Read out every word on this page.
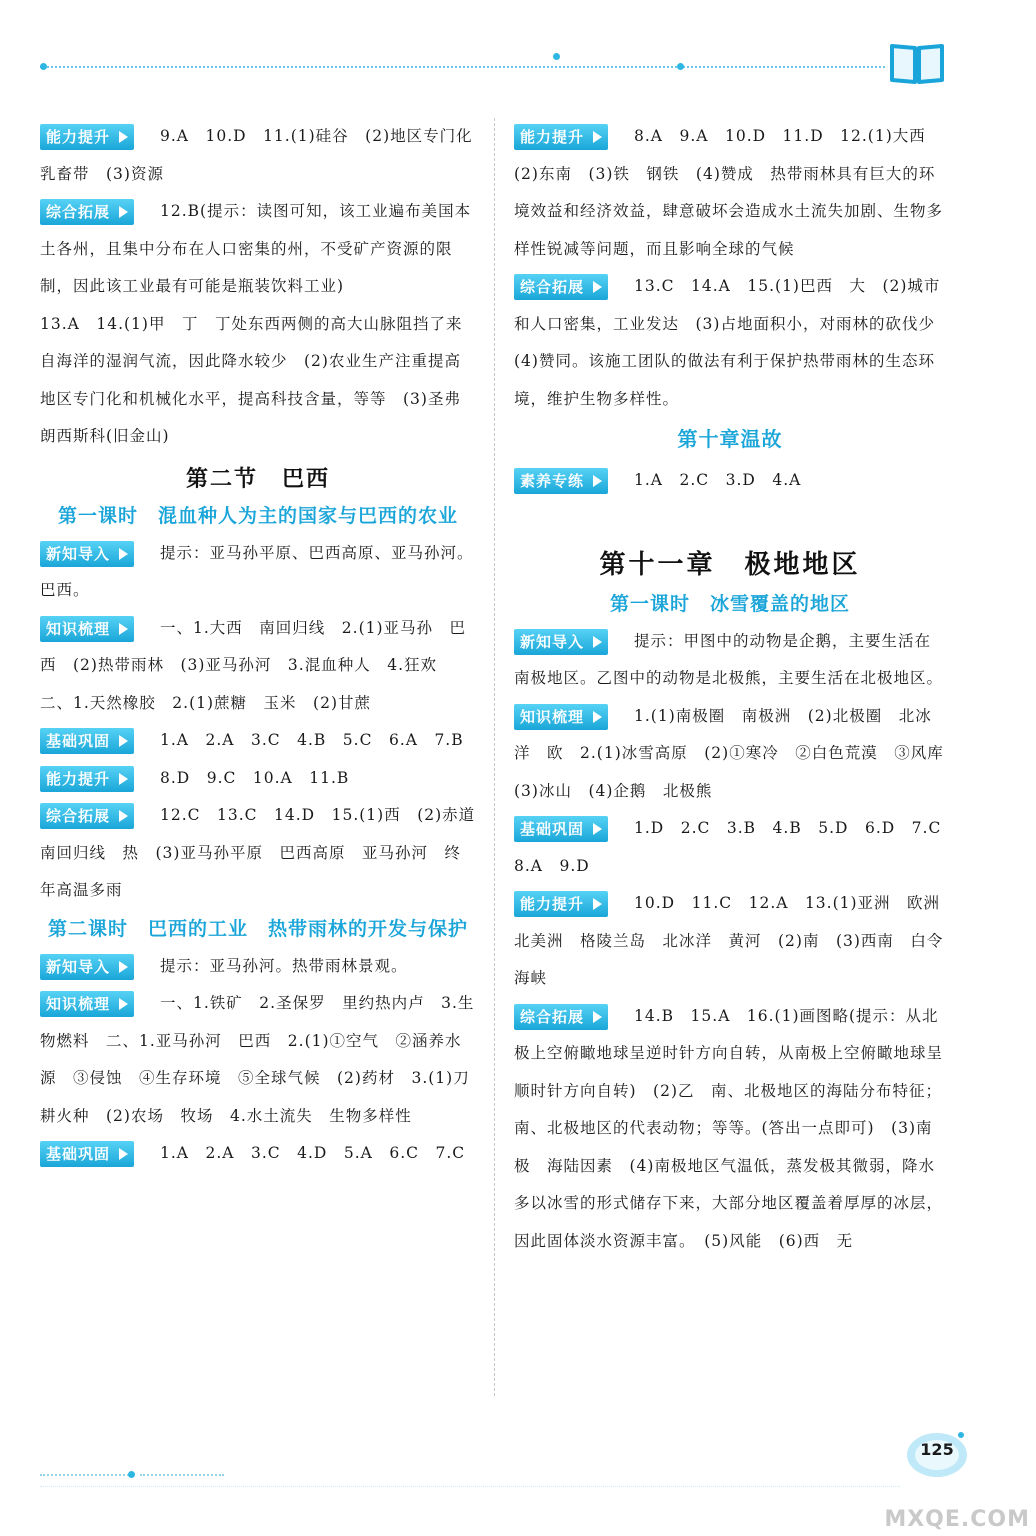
能力提升	9.A　10.D　11.(1)硅谷　(2)地区专门化　乳畜带　(3)资源

综合拓展	12.B(提示：读图可知，该工业遍布美国本土各州，且集中分布在人口密集的州，不受矿产资源的限制，因此该工业最有可能是瓶装饮料工业)

13.A　14.(1)甲　丁　丁处东西两侧的高大山脉阻挡了来自海洋的湿润气流，因此降水较少　(2)农业生产注重提高地区专门化和机械化水平，提高科技含量，等等　(3)圣弗朗西斯科(旧金山)

第二节　巴西

第一课时　混血种人为主的国家与巴西的农业

新知导入	提示：亚马孙平原、巴西高原、亚马孙河。巴西。

知识梳理	一、1.大西　南回归线　2.(1)亚马孙　巴西　(2)热带雨林　(3)亚马孙河　3.混血种人　4.狂欢　二、1.天然橡胶　2.(1)蔗糖　玉米　(2)甘蔗

基础巩固	1.A　2.A　3.C　4.B　5.C　6.A　7.B

能力提升	8.D　9.C　10.A　11.B

综合拓展	12.C　13.C　14.D　15.(1)西　(2)赤道　南回归线　热　(3)亚马孙平原　巴西高原　亚马孙河　终年高温多雨

第二课时　巴西的工业　热带雨林的开发与保护

新知导入	提示：亚马孙河。热带雨林景观。

知识梳理	一、1.铁矿　2.圣保罗　里约热内卢　3.生物燃料　二、1.亚马孙河　巴西　2.(1)①空气　②涵养水源　③侵蚀　④生存环境　⑤全球气候　(2)药材　3.(1)刀耕火种　(2)农场　牧场　4.水土流失　生物多样性

基础巩固	1.A　2.A　3.C　4.D　5.A　6.C　7.C

能力提升	8.A　9.A　10.D　11.D　12.(1)大西　(2)东南　(3)铁　钢铁　(4)赞成　热带雨林具有巨大的环境效益和经济效益，肆意破坏会造成水土流失加剧、生物多样性锐减等问题，而且影响全球的气候

综合拓展	13.C　14.A　15.(1)巴西　大　(2)城市和人口密集，工业发达　(3)占地面积小，对雨林的砍伐少　(4)赞同。该施工团队的做法有利于保护热带雨林的生态环境，维护生物多样性。

第十章温故

素养专练	1.A　2.C　3.D　4.A

第十一章　极地地区

第一课时　冰雪覆盖的地区

新知导入	提示：甲图中的动物是企鹅，主要生活在南极地区。乙图中的动物是北极熊，主要生活在北极地区。

知识梳理	1.(1)南极圈　南极洲　(2)北极圈　北冰洋　欧　2.(1)冰雪高原　(2)①寒冷　②白色荒漠　③风库　(3)冰山　(4)企鹅　北极熊

基础巩固	1.D　2.C　3.B　4.B　5.D　6.D　7.C　8.A　9.D

能力提升	10.D　11.C　12.A　13.(1)亚洲　欧洲　北美洲　格陵兰岛　北冰洋　黄河　(2)南　(3)西南　白令海峡

综合拓展	14.B　15.A　16.(1)画图略(提示：从北极上空俯瞰地球呈逆时针方向自转，从南极上空俯瞰地球呈顺时针方向自转)　(2)乙　南、北极地区的海陆分布特征；南、北极地区的代表动物；等等。(答出一点即可)　(3)南极　海陆因素　(4)南极地区气温低，蒸发极其微弱，降水多以冰雪的形式储存下来，大部分地区覆盖着厚厚的冰层，因此固体淡水资源丰富。　(5)风能　(6)西　无

125
MXQE.COM
